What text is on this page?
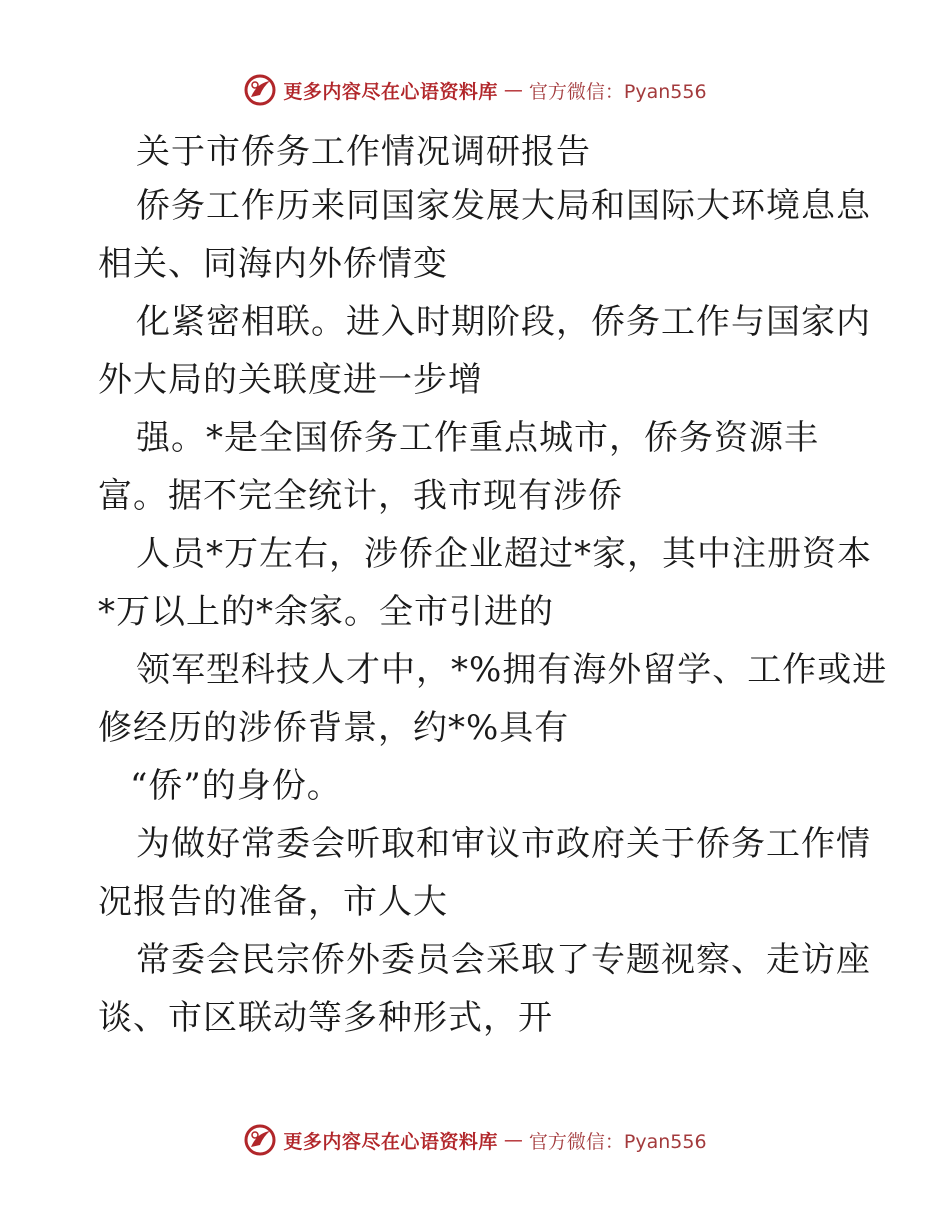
更多内容尽在心语资料库 — 官方微信：Pyan556
关于市侨务工作情况调研报告
侨务工作历来同国家发展大局和国际大环境息息
相关、同海内外侨情变
化紧密相联。进入时期阶段，侨务工作与国家内
外大局的关联度进一步增
强。*是全国侨务工作重点城市，侨务资源丰
富。据不完全统计，我市现有涉侨
人员*万左右，涉侨企业超过*家，其中注册资本
*万以上的*余家。全市引进的
领军型科技人才中，*%拥有海外留学、工作或进
修经历的涉侨背景，约*%具有
“侨”的身份。
为做好常委会听取和审议市政府关于侨务工作情
况报告的准备，市人大
常委会民宗侨外委员会采取了专题视察、走访座
谈、市区联动等多种形式，开
更多内容尽在心语资料库 — 官方微信：Pyan556
